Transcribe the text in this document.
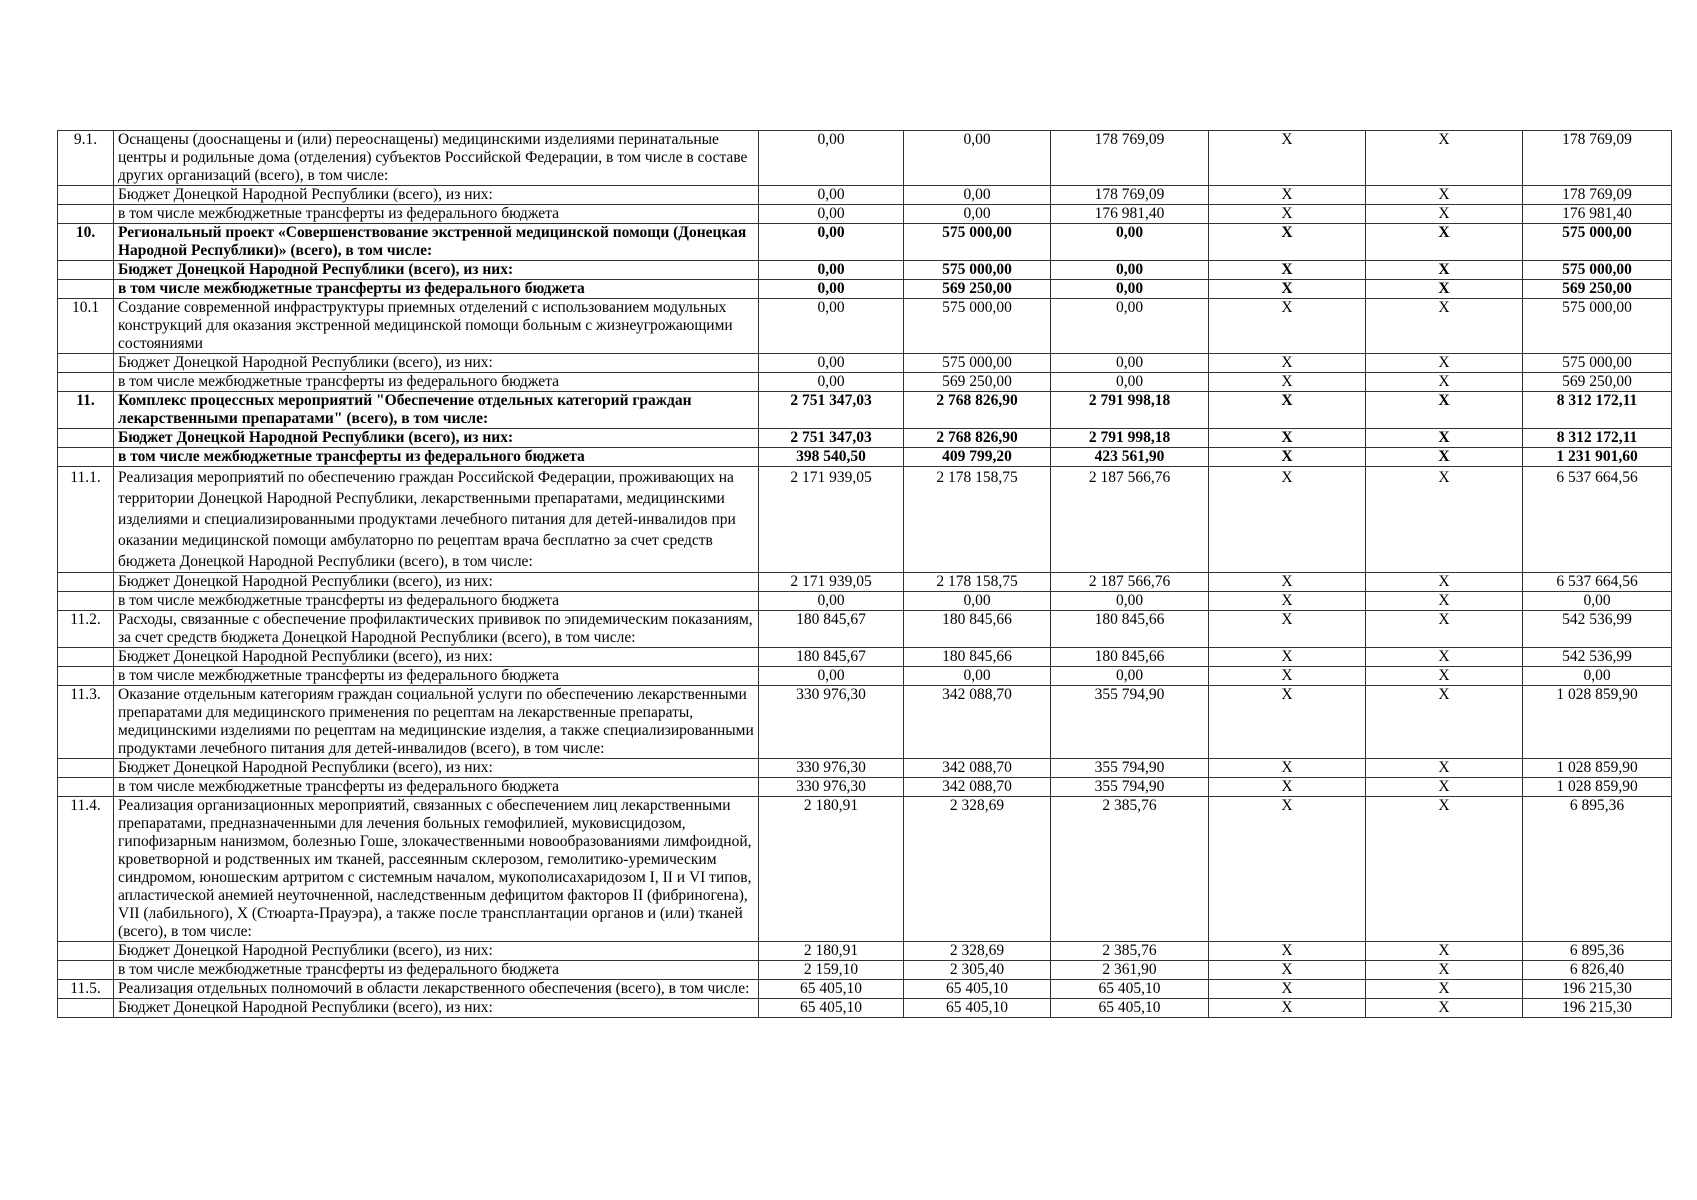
9.1.	Оснащены (дооснащены и (или) переоснащены) медицинскими изделиями перинатальные центры и родильные дома (отделения) субъектов Российской Федерации, в том числе в составе других организаций (всего), в том числе:	0,00	0,00	178 769,09	X	X	178 769,09
	Бюджет Донецкой Народной Республики (всего), из них:	0,00	0,00	178 769,09	X	X	178 769,09
	в том числе межбюджетные трансферты из федерального бюджета	0,00	0,00	176 981,40	X	X	176 981,40
10.	Региональный проект «Совершенствование экстренной медицинской помощи (Донецкая Народной Республики)» (всего), в том числе:	0,00	575 000,00	0,00	X	X	575 000,00
	Бюджет Донецкой Народной Республики (всего), из них:	0,00	575 000,00	0,00	X	X	575 000,00
	в том числе межбюджетные трансферты из федерального бюджета	0,00	569 250,00	0,00	X	X	569 250,00
10.1	Создание современной инфраструктуры приемных отделений с использованием модульных конструкций для оказания экстренной медицинской помощи больным с жизнеугрожающими состояниями	0,00	575 000,00	0,00	X	X	575 000,00
	Бюджет Донецкой Народной Республики (всего), из них:	0,00	575 000,00	0,00	X	X	575 000,00
	в том числе межбюджетные трансферты из федерального бюджета	0,00	569 250,00	0,00	X	X	569 250,00
11.	Комплекс процессных мероприятий "Обеспечение отдельных категорий граждан лекарственными препаратами" (всего), в том числе:	2 751 347,03	2 768 826,90	2 791 998,18	X	X	8 312 172,11
	Бюджет Донецкой Народной Республики (всего), из них:	2 751 347,03	2 768 826,90	2 791 998,18	X	X	8 312 172,11
	в том числе межбюджетные трансферты из федерального бюджета	398 540,50	409 799,20	423 561,90	X	X	1 231 901,60
11.1.	Реализация мероприятий по обеспечению граждан Российской Федерации, проживающих на территории Донецкой Народной Республики, лекарственными препаратами, медицинскими изделиями и специализированными продуктами лечебного питания для детей-инвалидов при оказании медицинской помощи амбулаторно по рецептам врача бесплатно за счет средств бюджета Донецкой Народной Республики (всего), в том числе:	2 171 939,05	2 178 158,75	2 187 566,76	X	X	6 537 664,56
	Бюджет Донецкой Народной Республики (всего), из них:	2 171 939,05	2 178 158,75	2 187 566,76	X	X	6 537 664,56
	в том числе межбюджетные трансферты из федерального бюджета	0,00	0,00	0,00	X	X	0,00
11.2.	Расходы, связанные с обеспечение профилактических прививок по эпидемическим показаниям, за счет средств бюджета Донецкой Народной Республики (всего), в том числе:	180 845,67	180 845,66	180 845,66	X	X	542 536,99
	Бюджет Донецкой Народной Республики (всего), из них:	180 845,67	180 845,66	180 845,66	X	X	542 536,99
	в том числе межбюджетные трансферты из федерального бюджета	0,00	0,00	0,00	X	X	0,00
11.3.	Оказание отдельным категориям граждан социальной услуги по обеспечению лекарственными препаратами для медицинского применения по рецептам на лекарственные препараты, медицинскими изделиями по рецептам на медицинские изделия, а также специализированными продуктами лечебного питания для детей-инвалидов (всего), в том числе:	330 976,30	342 088,70	355 794,90	X	X	1 028 859,90
	Бюджет Донецкой Народной Республики (всего), из них:	330 976,30	342 088,70	355 794,90	X	X	1 028 859,90
	в том числе межбюджетные трансферты из федерального бюджета	330 976,30	342 088,70	355 794,90	X	X	1 028 859,90
11.4.	Реализация организационных мероприятий, связанных с обеспечением лиц лекарственными препаратами, предназначенными для лечения больных гемофилией, муковисцидозом, гипофизарным нанизмом, болезнью Гоше, злокачественными новообразованиями лимфоидной, кроветворной и родственных им тканей, рассеянным склерозом, гемолитико-уремическим синдромом, юношеским артритом с системным началом, мукополисахаридозом I, II и VI типов, апластической анемией неуточненной, наследственным дефицитом факторов II (фибриногена), VII (лабильного), X (Стюарта-Прауэра), а также после трансплантации органов и (или) тканей (всего), в том числе:	2 180,91	2 328,69	2 385,76	X	X	6 895,36
	Бюджет Донецкой Народной Республики (всего), из них:	2 180,91	2 328,69	2 385,76	X	X	6 895,36
	в том числе межбюджетные трансферты из федерального бюджета	2 159,10	2 305,40	2 361,90	X	X	6 826,40
11.5.	Реализация отдельных полномочий в области лекарственного обеспечения (всего), в том числе:	65 405,10	65 405,10	65 405,10	X	X	196 215,30
	Бюджет Донецкой Народной Республики (всего), из них:	65 405,10	65 405,10	65 405,10	X	X	196 215,30
